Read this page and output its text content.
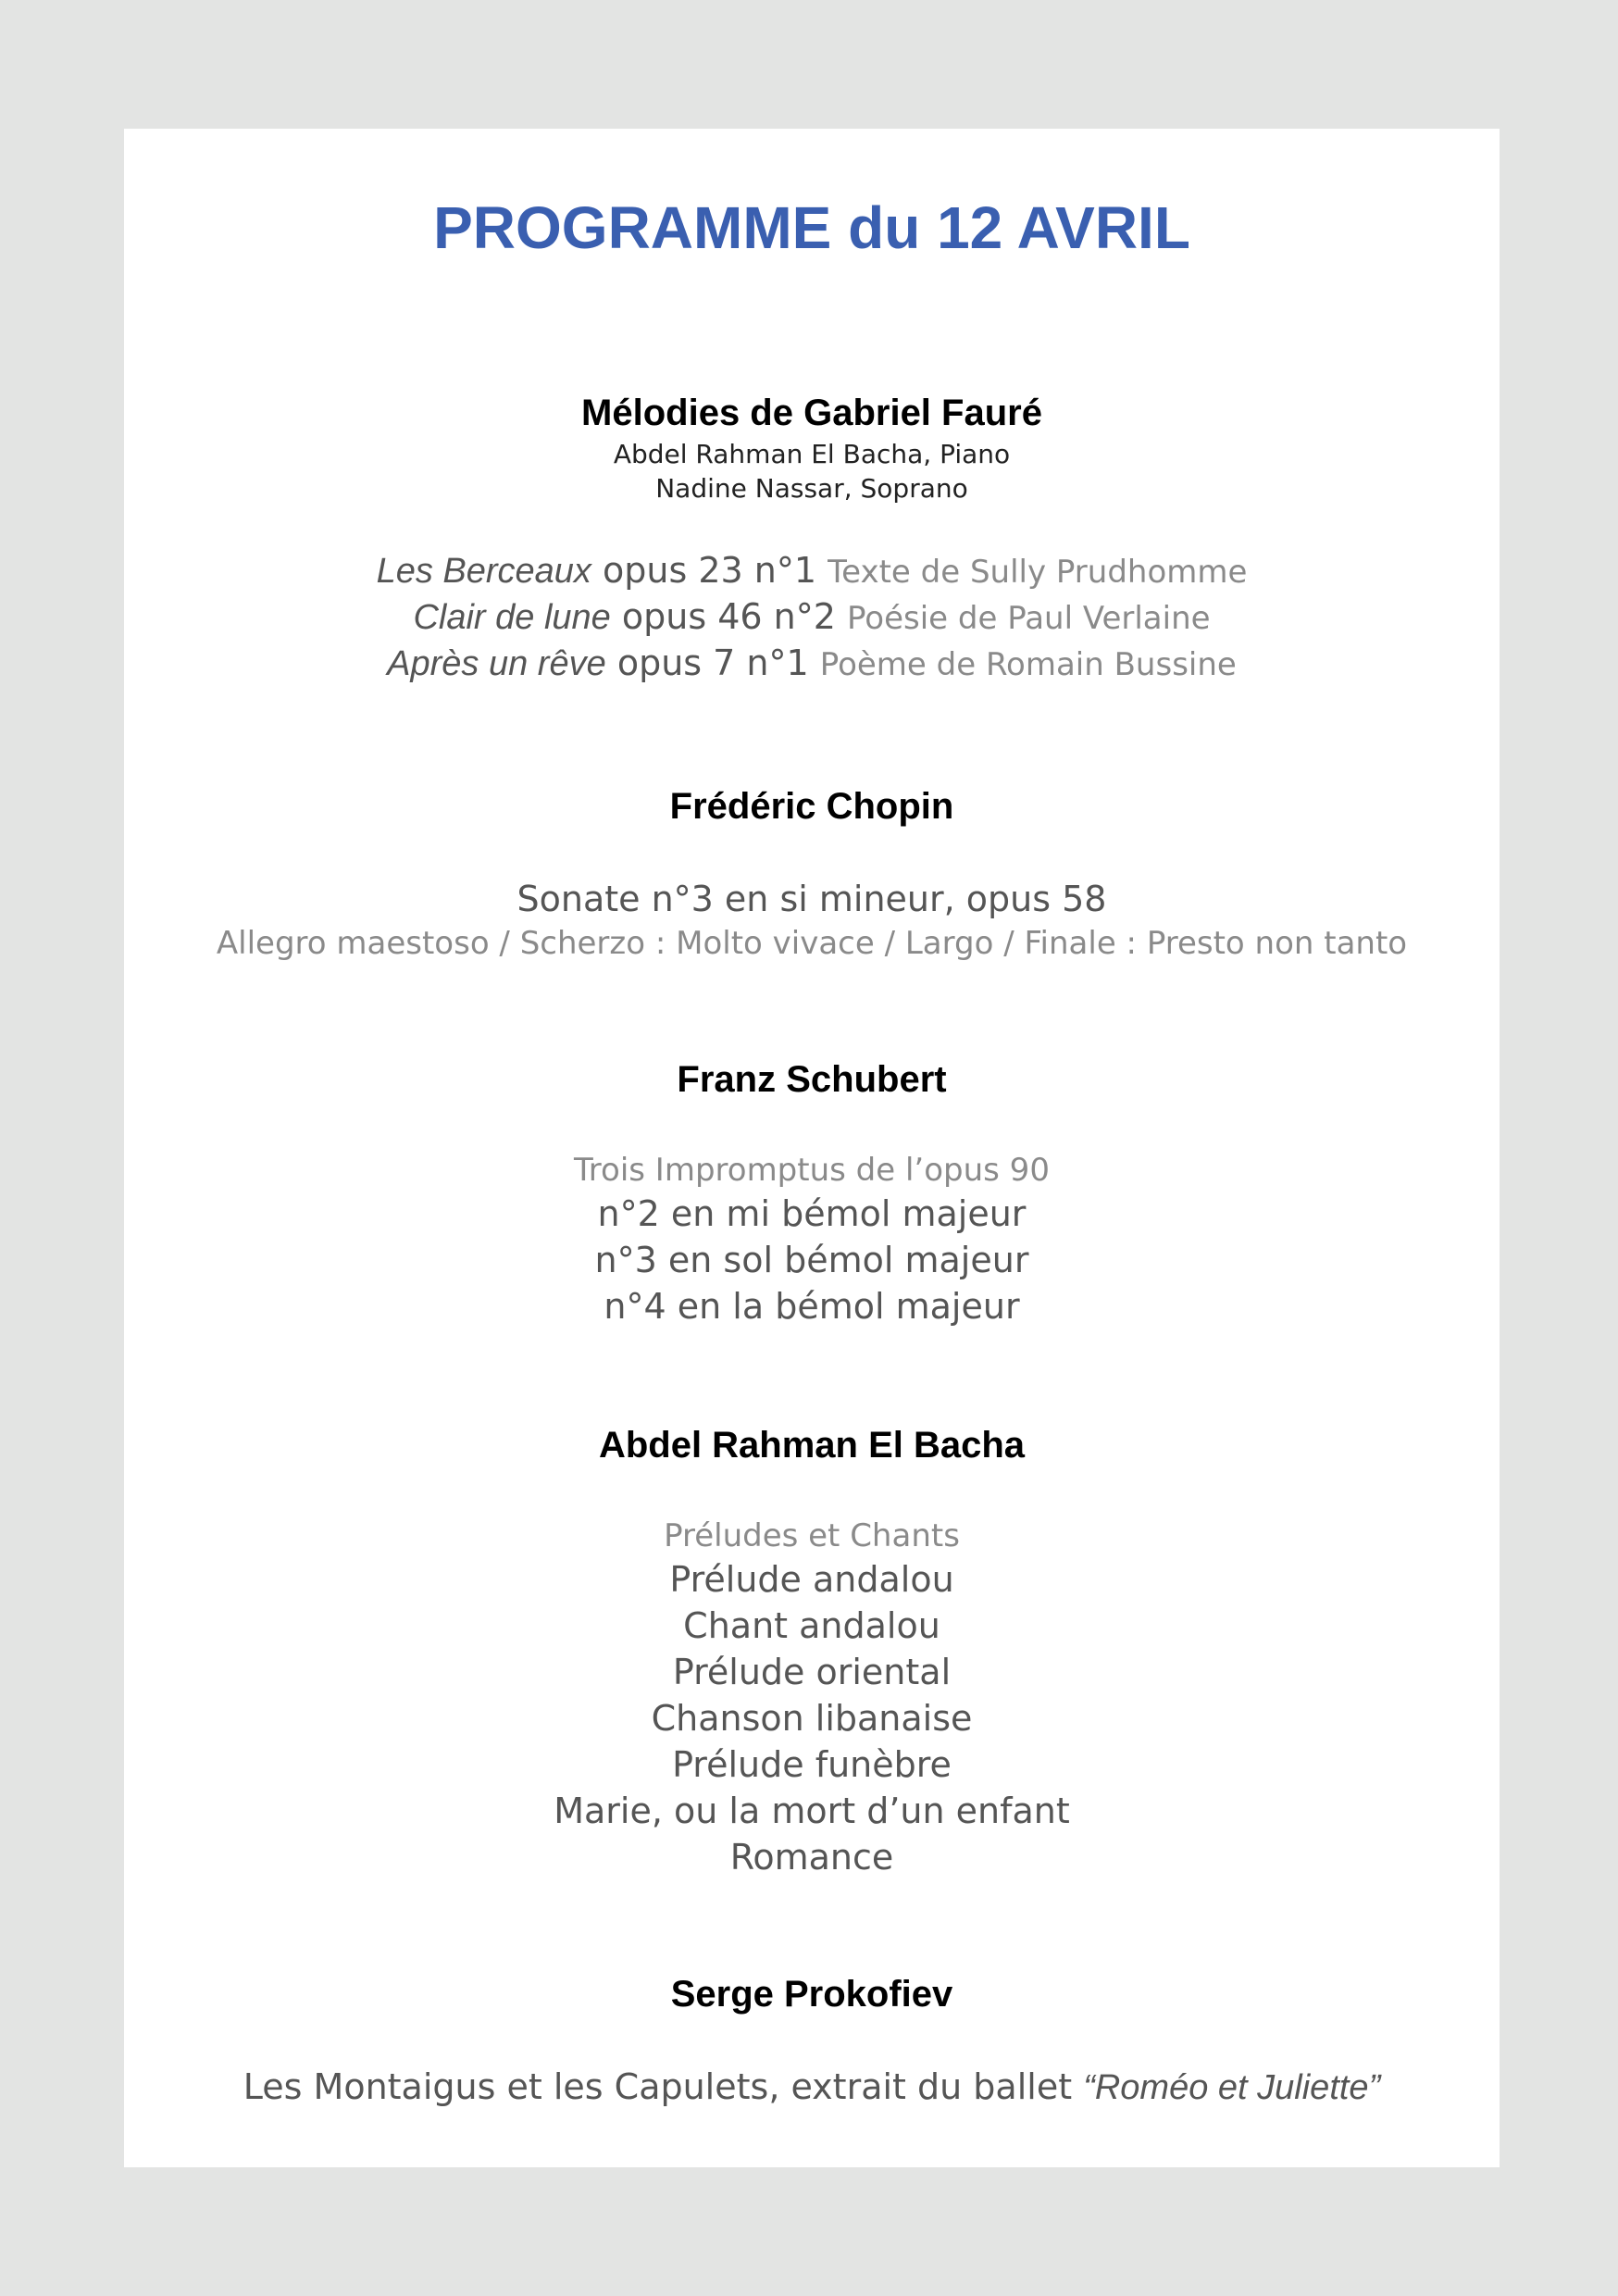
PROGRAMME du 12 AVRIL
Mélodies de Gabriel Fauré
Abdel Rahman El Bacha, Piano
Nadine Nassar, Soprano
Les Berceaux opus 23 n°1 Texte de Sully Prudhomme
Clair de lune opus 46 n°2 Poésie de Paul Verlaine
Après un rêve opus 7 n°1 Poème de Romain Bussine
Frédéric Chopin
Sonate n°3 en si mineur, opus 58
Allegro maestoso / Scherzo : Molto vivace / Largo / Finale : Presto non tanto
Franz Schubert
Trois Impromptus de l’opus 90
n°2 en mi bémol majeur
n°3 en sol bémol majeur
n°4 en la bémol majeur
Abdel Rahman El Bacha
Préludes et Chants
Prélude andalou
Chant andalou
Prélude oriental
Chanson libanaise
Prélude funèbre
Marie, ou la mort d’un enfant
Romance
Serge Prokofiev
Les Montaigus et les Capulets, extrait du ballet “Roméo et Juliette”
